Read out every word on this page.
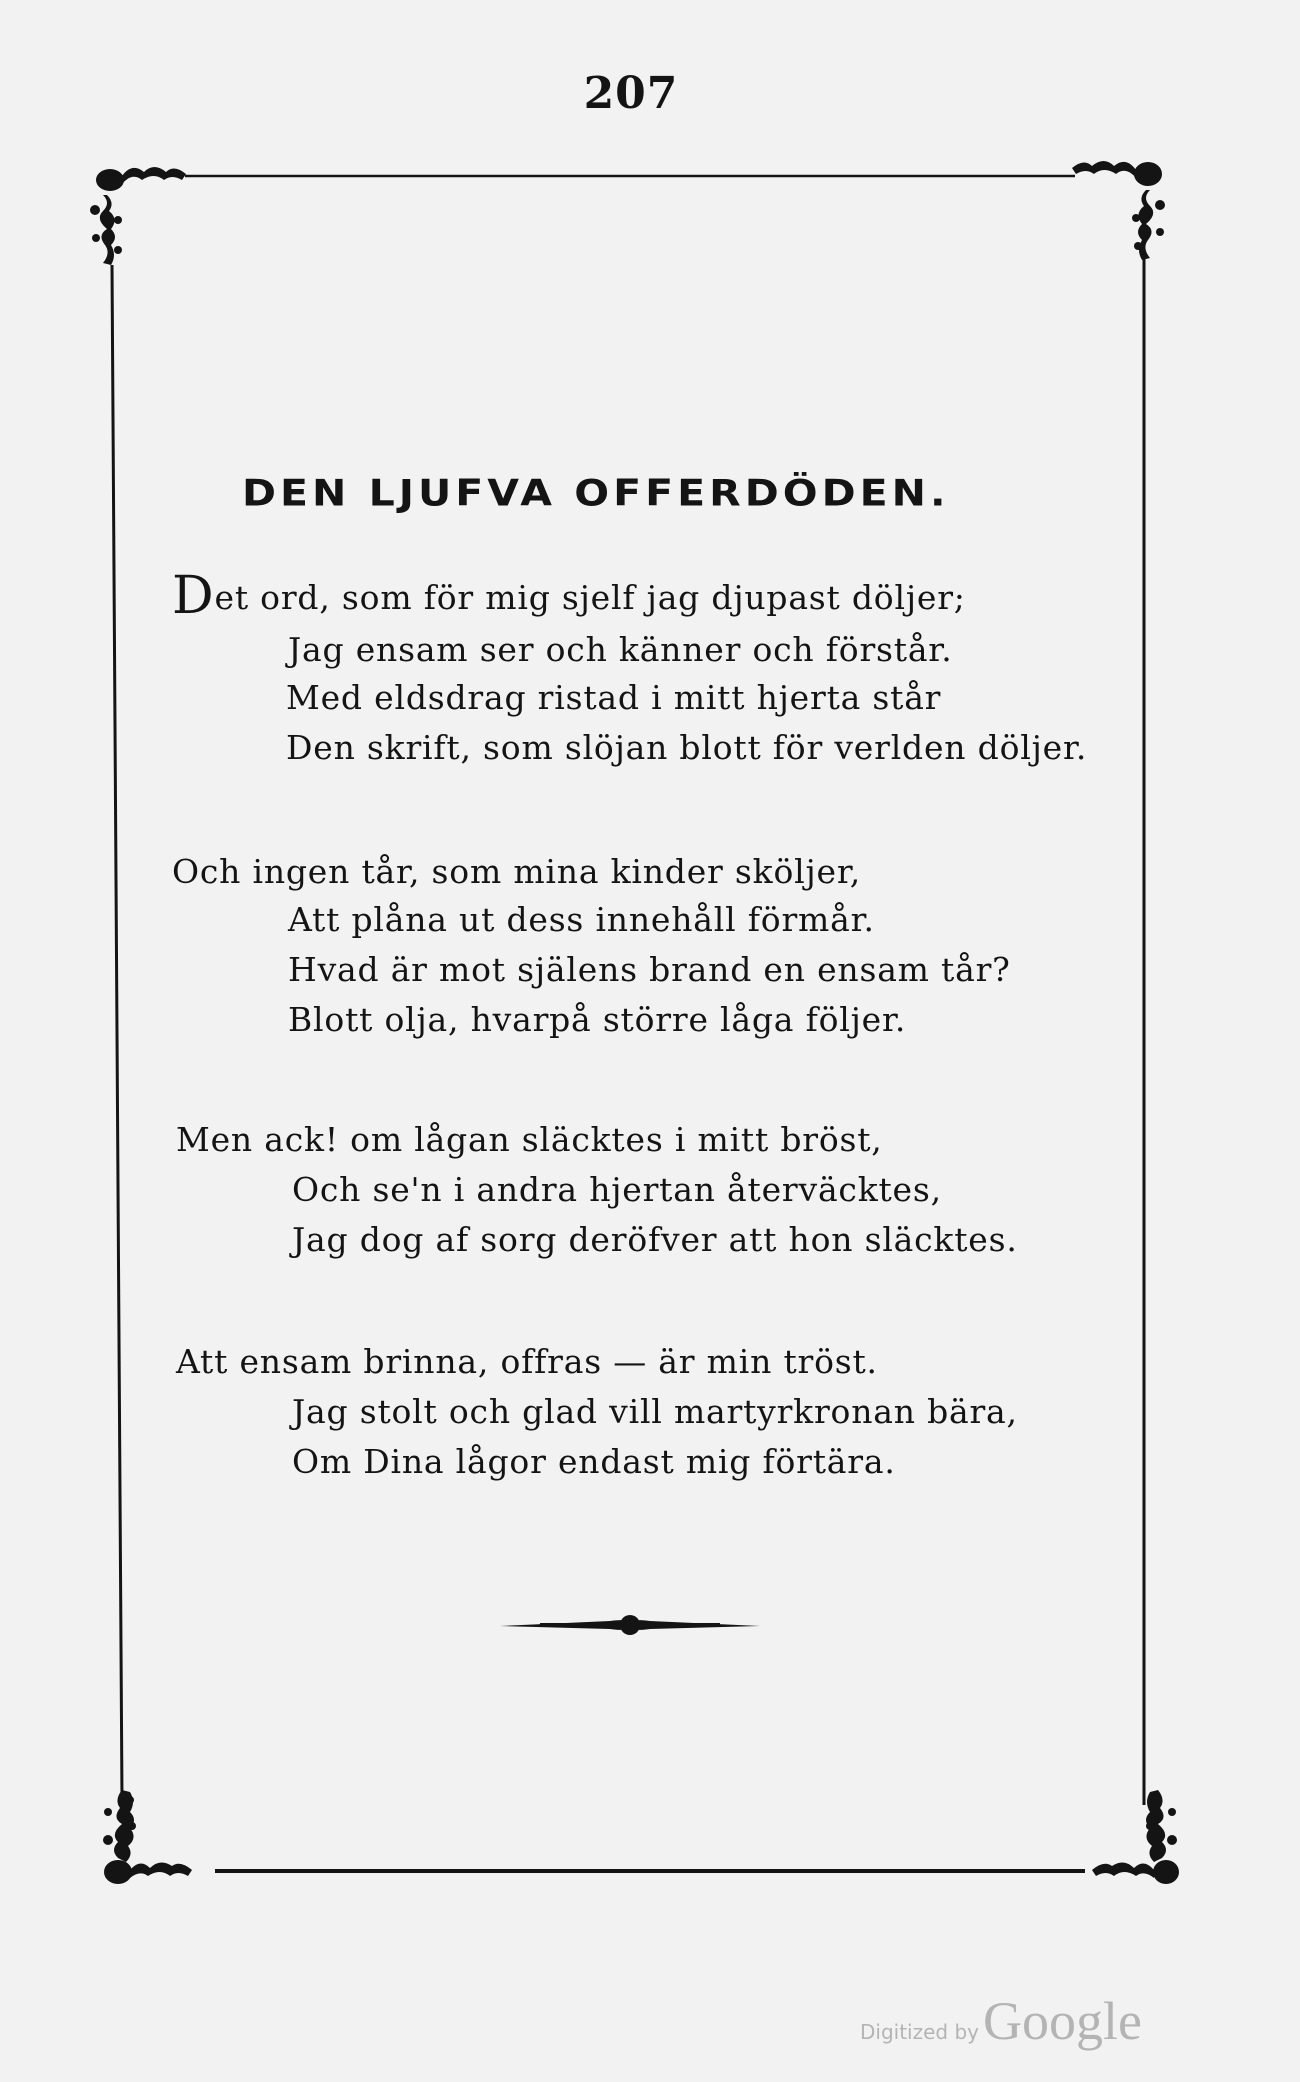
207
DEN LJUFVA OFFERDÖDEN.
Det ord, som för mig sjelf jag djupast döljer;
Jag ensam ser och känner och förstår.
Med eldsdrag ristad i mitt hjerta står
Den skrift, som slöjan blott för verlden döljer.
Och ingen tår, som mina kinder sköljer,
Att plåna ut dess innehåll förmår.
Hvad är mot själens brand en ensam tår?
Blott olja, hvarpå större låga följer.
Men ack! om lågan släcktes i mitt bröst,
Och se'n i andra hjertan återväcktes,
Jag dog af sorg deröfver att hon släcktes.
Att ensam brinna, offras — är min tröst.
Jag stolt och glad vill martyrkronan bära,
Om Dina lågor endast mig förtära.
Digitized byGoogle
